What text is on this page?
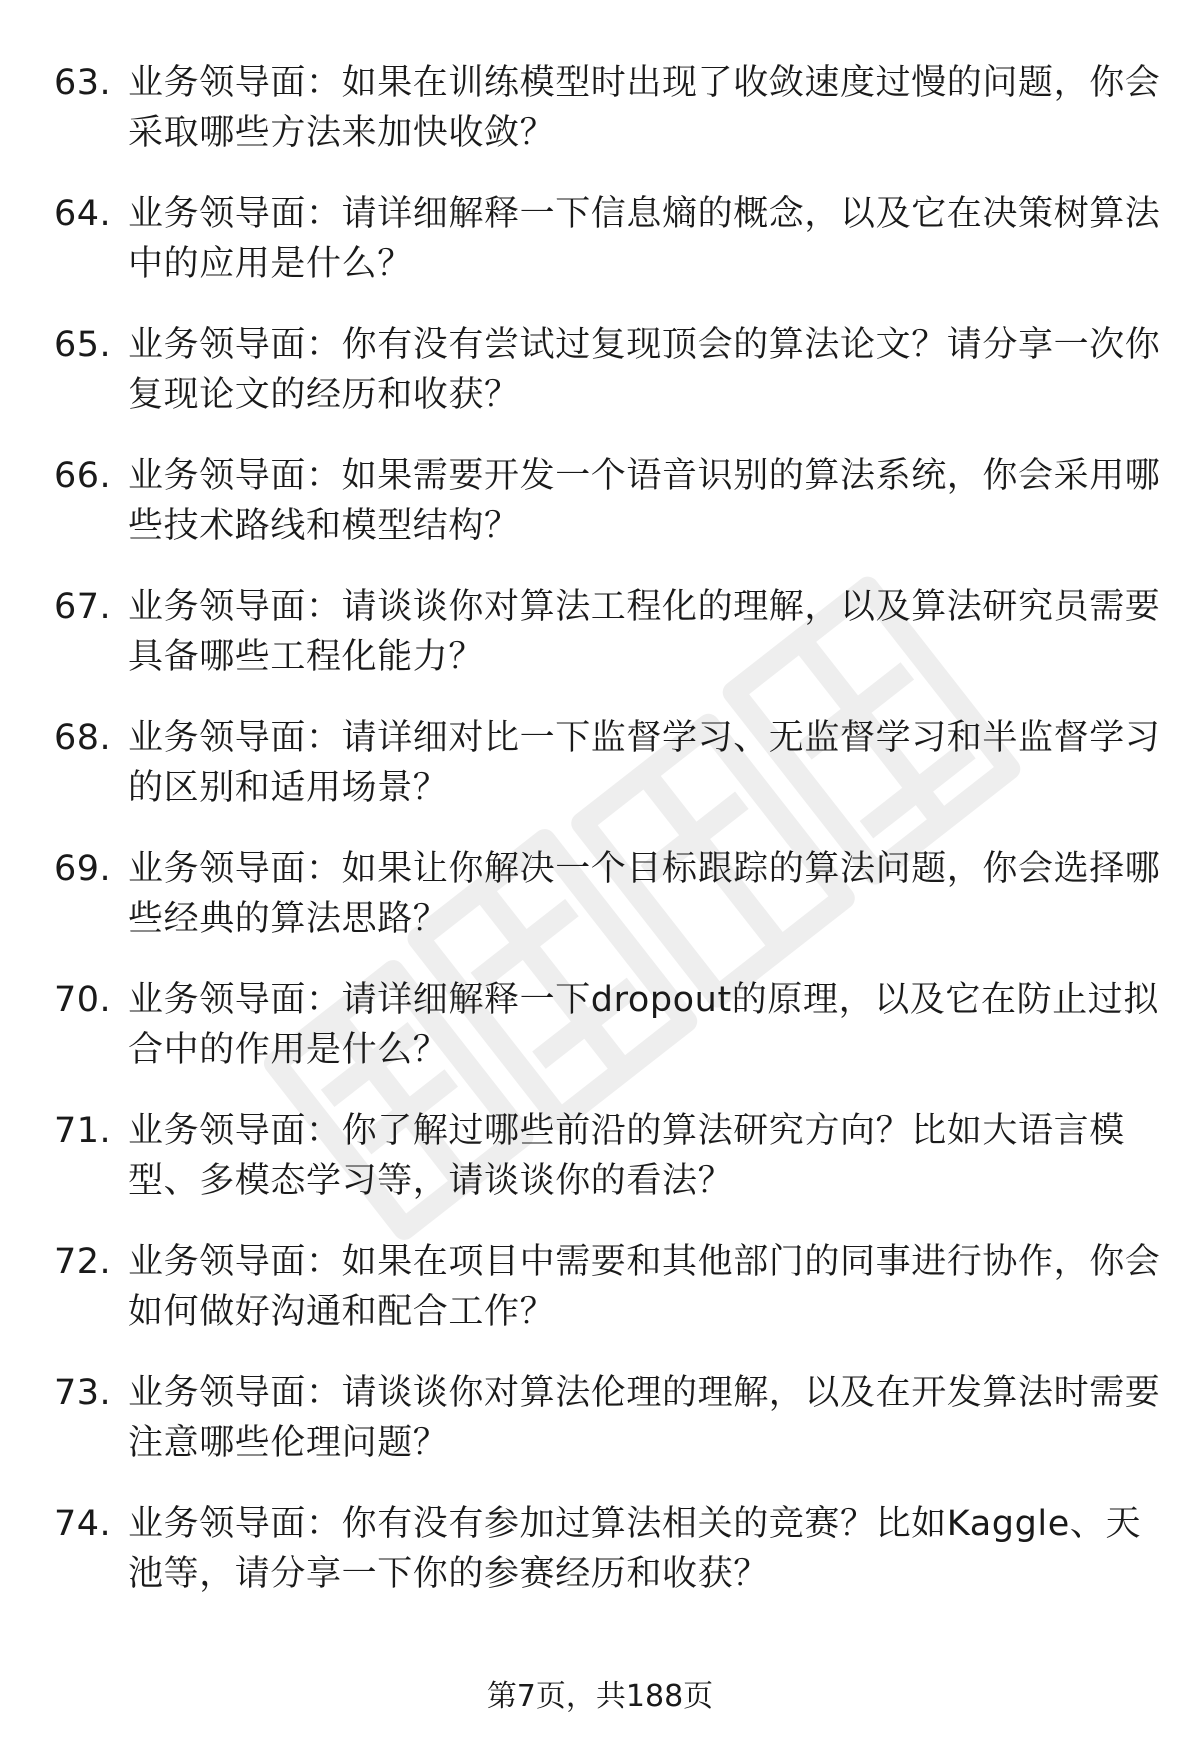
63. 业务领导面：如果在训练模型时出现了收敛速度过慢的问题，你会采取哪些方法来加快收敛？
64. 业务领导面：请详细解释一下信息熵的概念，以及它在决策树算法中的应用是什么？
65. 业务领导面：你有没有尝试过复现顶会的算法论文？请分享一次你复现论文的经历和收获？
66. 业务领导面：如果需要开发一个语音识别的算法系统，你会采用哪些技术路线和模型结构？
67. 业务领导面：请谈谈你对算法工程化的理解，以及算法研究员需要具备哪些工程化能力？
68. 业务领导面：请详细对比一下监督学习、无监督学习和半监督学习的区别和适用场景？
69. 业务领导面：如果让你解决一个目标跟踪的算法问题，你会选择哪些经典的算法思路？
70. 业务领导面：请详细解释一下dropout的原理，以及它在防止过拟合中的作用是什么？
71. 业务领导面：你了解过哪些前沿的算法研究方向？比如大语言模型、多模态学习等，请谈谈你的看法？
72. 业务领导面：如果在项目中需要和其他部门的同事进行协作，你会如何做好沟通和配合工作？
73. 业务领导面：请谈谈你对算法伦理的理解，以及在开发算法时需要注意哪些伦理问题？
74. 业务领导面：你有没有参加过算法相关的竞赛？比如Kaggle、天池等，请分享一下你的参赛经历和收获？
第7页，共188页
